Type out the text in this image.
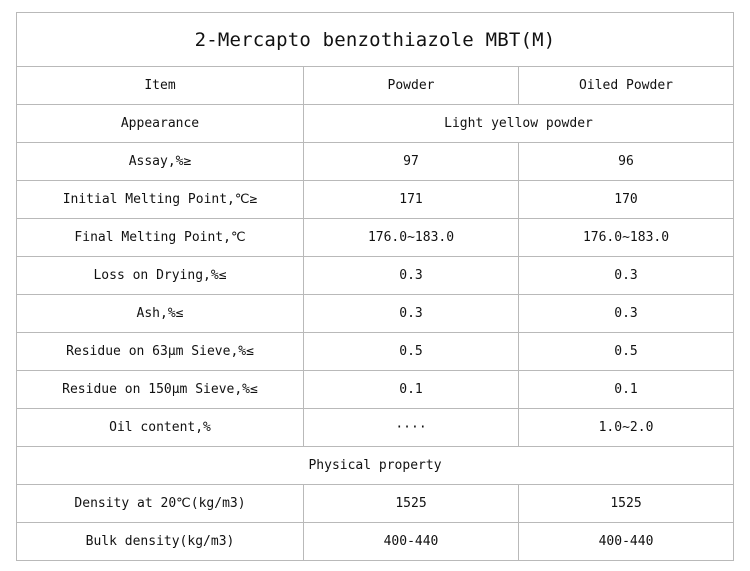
2-Mercapto benzothiazole MBT(M)		
Item	Powder	Oiled Powder
Appearance	Light yellow powder	
Assay,%≥	97	96
Initial Melting Point,℃≥	171	170
Final Melting Point,℃	176.0~183.0	176.0~183.0
Loss on Drying,%≤	0.3	0.3
Ash,%≤	0.3	0.3
Residue on 63μm Sieve,%≤	0.5	0.5
Residue on 150μm Sieve,%≤	0.1	0.1
Oil content,%	····	1.0~2.0
Physical property		
Density at 20℃(kg/m3)	1525	1525
Bulk density(kg/m3)	400-440	400-440
